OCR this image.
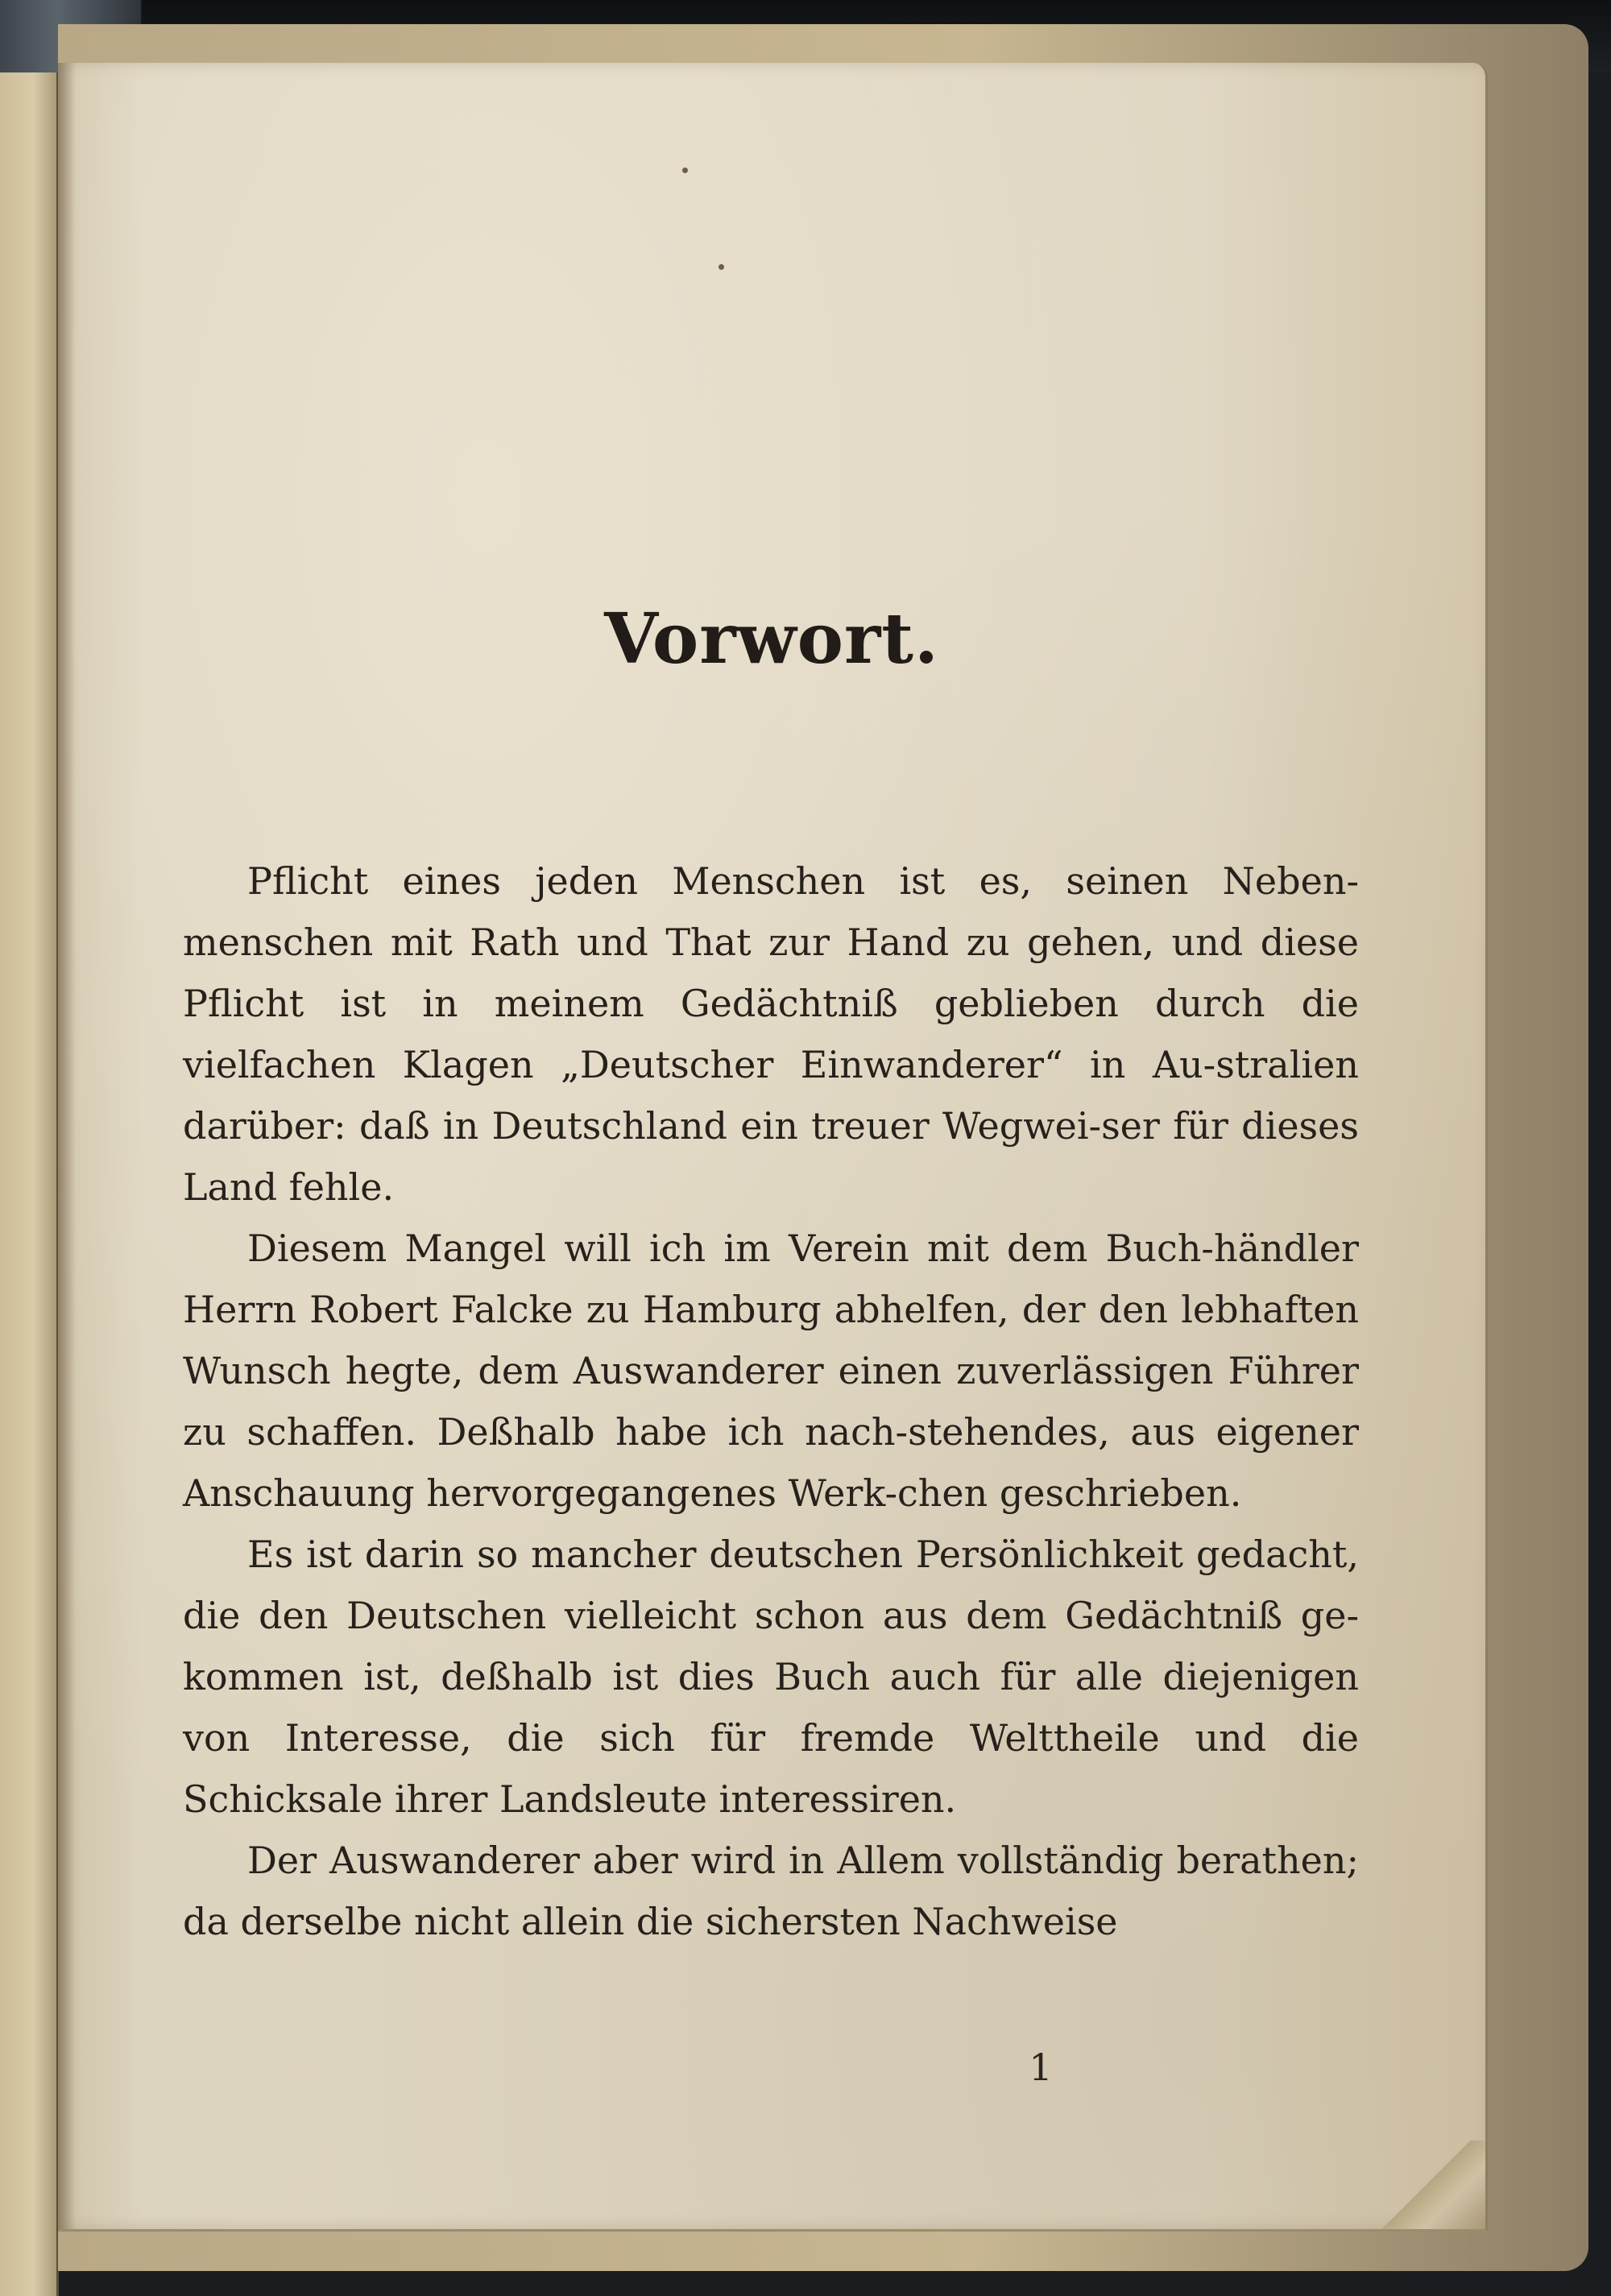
Vorwort.

Pflicht eines jeden Menschen ist es, seinen Neben-menschen mit Rath und That zur Hand zu gehen, und diese Pflicht ist in meinem Gedächtniß geblieben durch die vielfachen Klagen „Deutscher Einwanderer“ in Au-stralien darüber: daß in Deutschland ein treuer Wegwei-ser für dieses Land fehle.

Diesem Mangel will ich im Verein mit dem Buch-händler Herrn Robert Falcke zu Hamburg abhelfen, der den lebhaften Wunsch hegte, dem Auswanderer einen zuverlässigen Führer zu schaffen. Deßhalb habe ich nach-stehendes, aus eigener Anschauung hervorgegangenes Werk-chen geschrieben.

Es ist darin so mancher deutschen Persönlichkeit gedacht, die den Deutschen vielleicht schon aus dem Gedächtniß ge-kommen ist, deßhalb ist dies Buch auch für alle diejenigen von Interesse, die sich für fremde Welttheile und die Schicksale ihrer Landsleute interessiren.

Der Auswanderer aber wird in Allem vollständig berathen; da derselbe nicht allein die sichersten Nachweise

1
